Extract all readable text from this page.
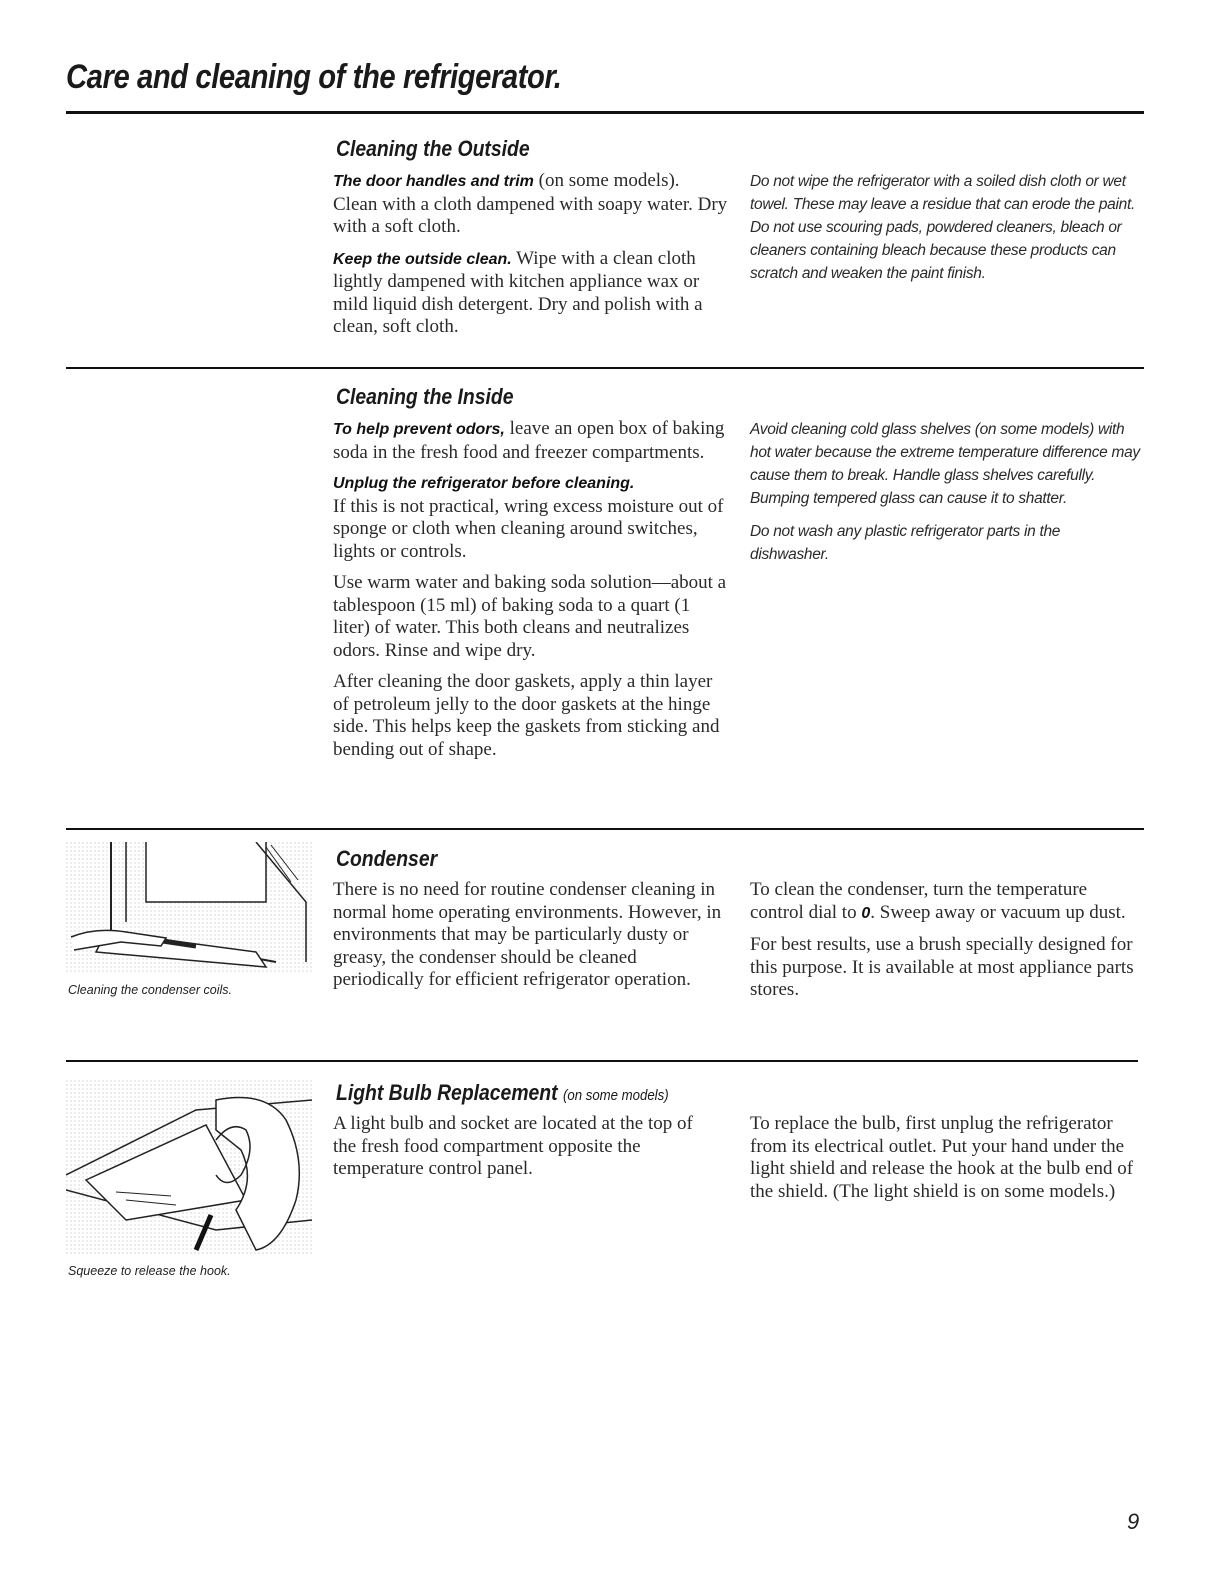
Care and cleaning of the refrigerator.
Cleaning the Outside

The door handles and trim (on some models). Clean with a cloth dampened with soapy water. Dry with a soft cloth.

Keep the outside clean. Wipe with a clean cloth lightly dampened with kitchen appliance wax or mild liquid dish detergent. Dry and polish with a clean, soft cloth.

Do not wipe the refrigerator with a soiled dish cloth or wet towel. These may leave a residue that can erode the paint. Do not use scouring pads, powdered cleaners, bleach or cleaners containing bleach because these products can scratch and weaken the paint finish.

Cleaning the Inside

To help prevent odors, leave an open box of baking soda in the fresh food and freezer compartments.

Unplug the refrigerator before cleaning.
If this is not practical, wring excess moisture out of sponge or cloth when cleaning around switches, lights or controls.

Use warm water and baking soda solution—about a tablespoon (15 ml) of baking soda to a quart (1 liter) of water. This both cleans and neutralizes odors. Rinse and wipe dry.

After cleaning the door gaskets, apply a thin layer of petroleum jelly to the door gaskets at the hinge side. This helps keep the gaskets from sticking and bending out of shape.

Avoid cleaning cold glass shelves (on some models) with hot water because the extreme temperature difference may cause them to break. Handle glass shelves carefully. Bumping tempered glass can cause it to shatter.

Do not wash any plastic refrigerator parts in the dishwasher.

Cleaning the condenser coils.
Condenser

There is no need for routine condenser cleaning in normal home operating environments. However, in environments that may be particularly dusty or greasy, the condenser should be cleaned periodically for efficient refrigerator operation.

To clean the condenser, turn the temperature control dial to 0. Sweep away or vacuum up dust.

For best results, use a brush specially designed for this purpose. It is available at most appliance parts stores.

Squeeze to release the hook.
Light Bulb Replacement (on some models)

A light bulb and socket are located at the top of the fresh food compartment opposite the temperature control panel.

To replace the bulb, first unplug the refrigerator from its electrical outlet. Put your hand under the light shield and release the hook at the bulb end of the shield. (The light shield is on some models.)

9
